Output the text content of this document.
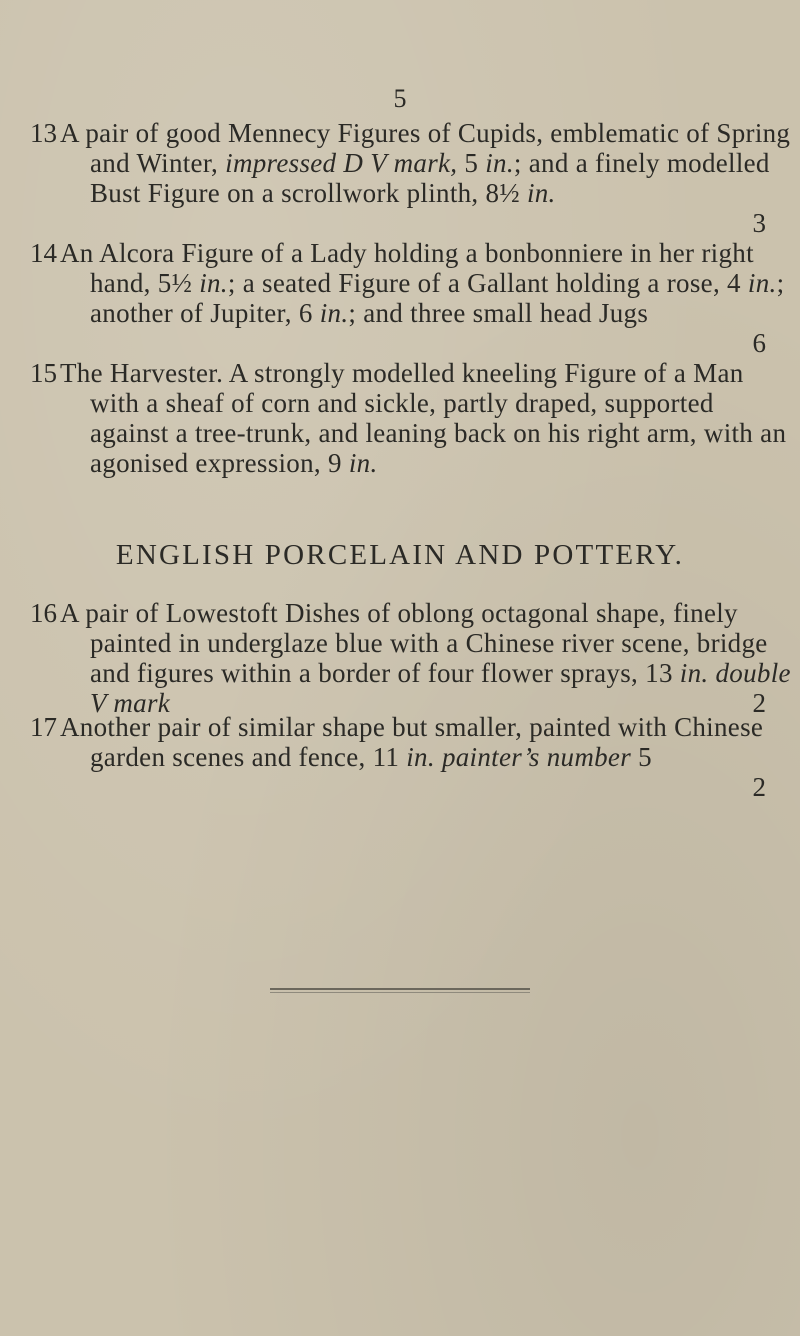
5
13 A pair of good Mennecy Figures of Cupids, emblematic of Spring and Winter, impressed D V mark, 5 in.; and a finely modelled Bust Figure on a scrollwork plinth, 8½ in.
3
14 An Alcora Figure of a Lady holding a bonbonniere in her right hand, 5½ in.; a seated Figure of a Gallant holding a rose, 4 in.; another of Jupiter, 6 in.; and three small head Jugs
6
15 The Harvester. A strongly modelled kneeling Figure of a Man with a sheaf of corn and sickle, partly draped, supported against a tree-trunk, and leaning back on his right arm, with an agonised expression, 9 in.
ENGLISH PORCELAIN AND POTTERY.
16 A pair of Lowestoft Dishes of oblong octagonal shape, finely painted in underglaze blue with a Chinese river scene, bridge and figures within a border of four flower sprays, 13 in. double V mark	2
17 Another pair of similar shape but smaller, painted with Chinese garden scenes and fence, 11 in. painter’s number 5
2
